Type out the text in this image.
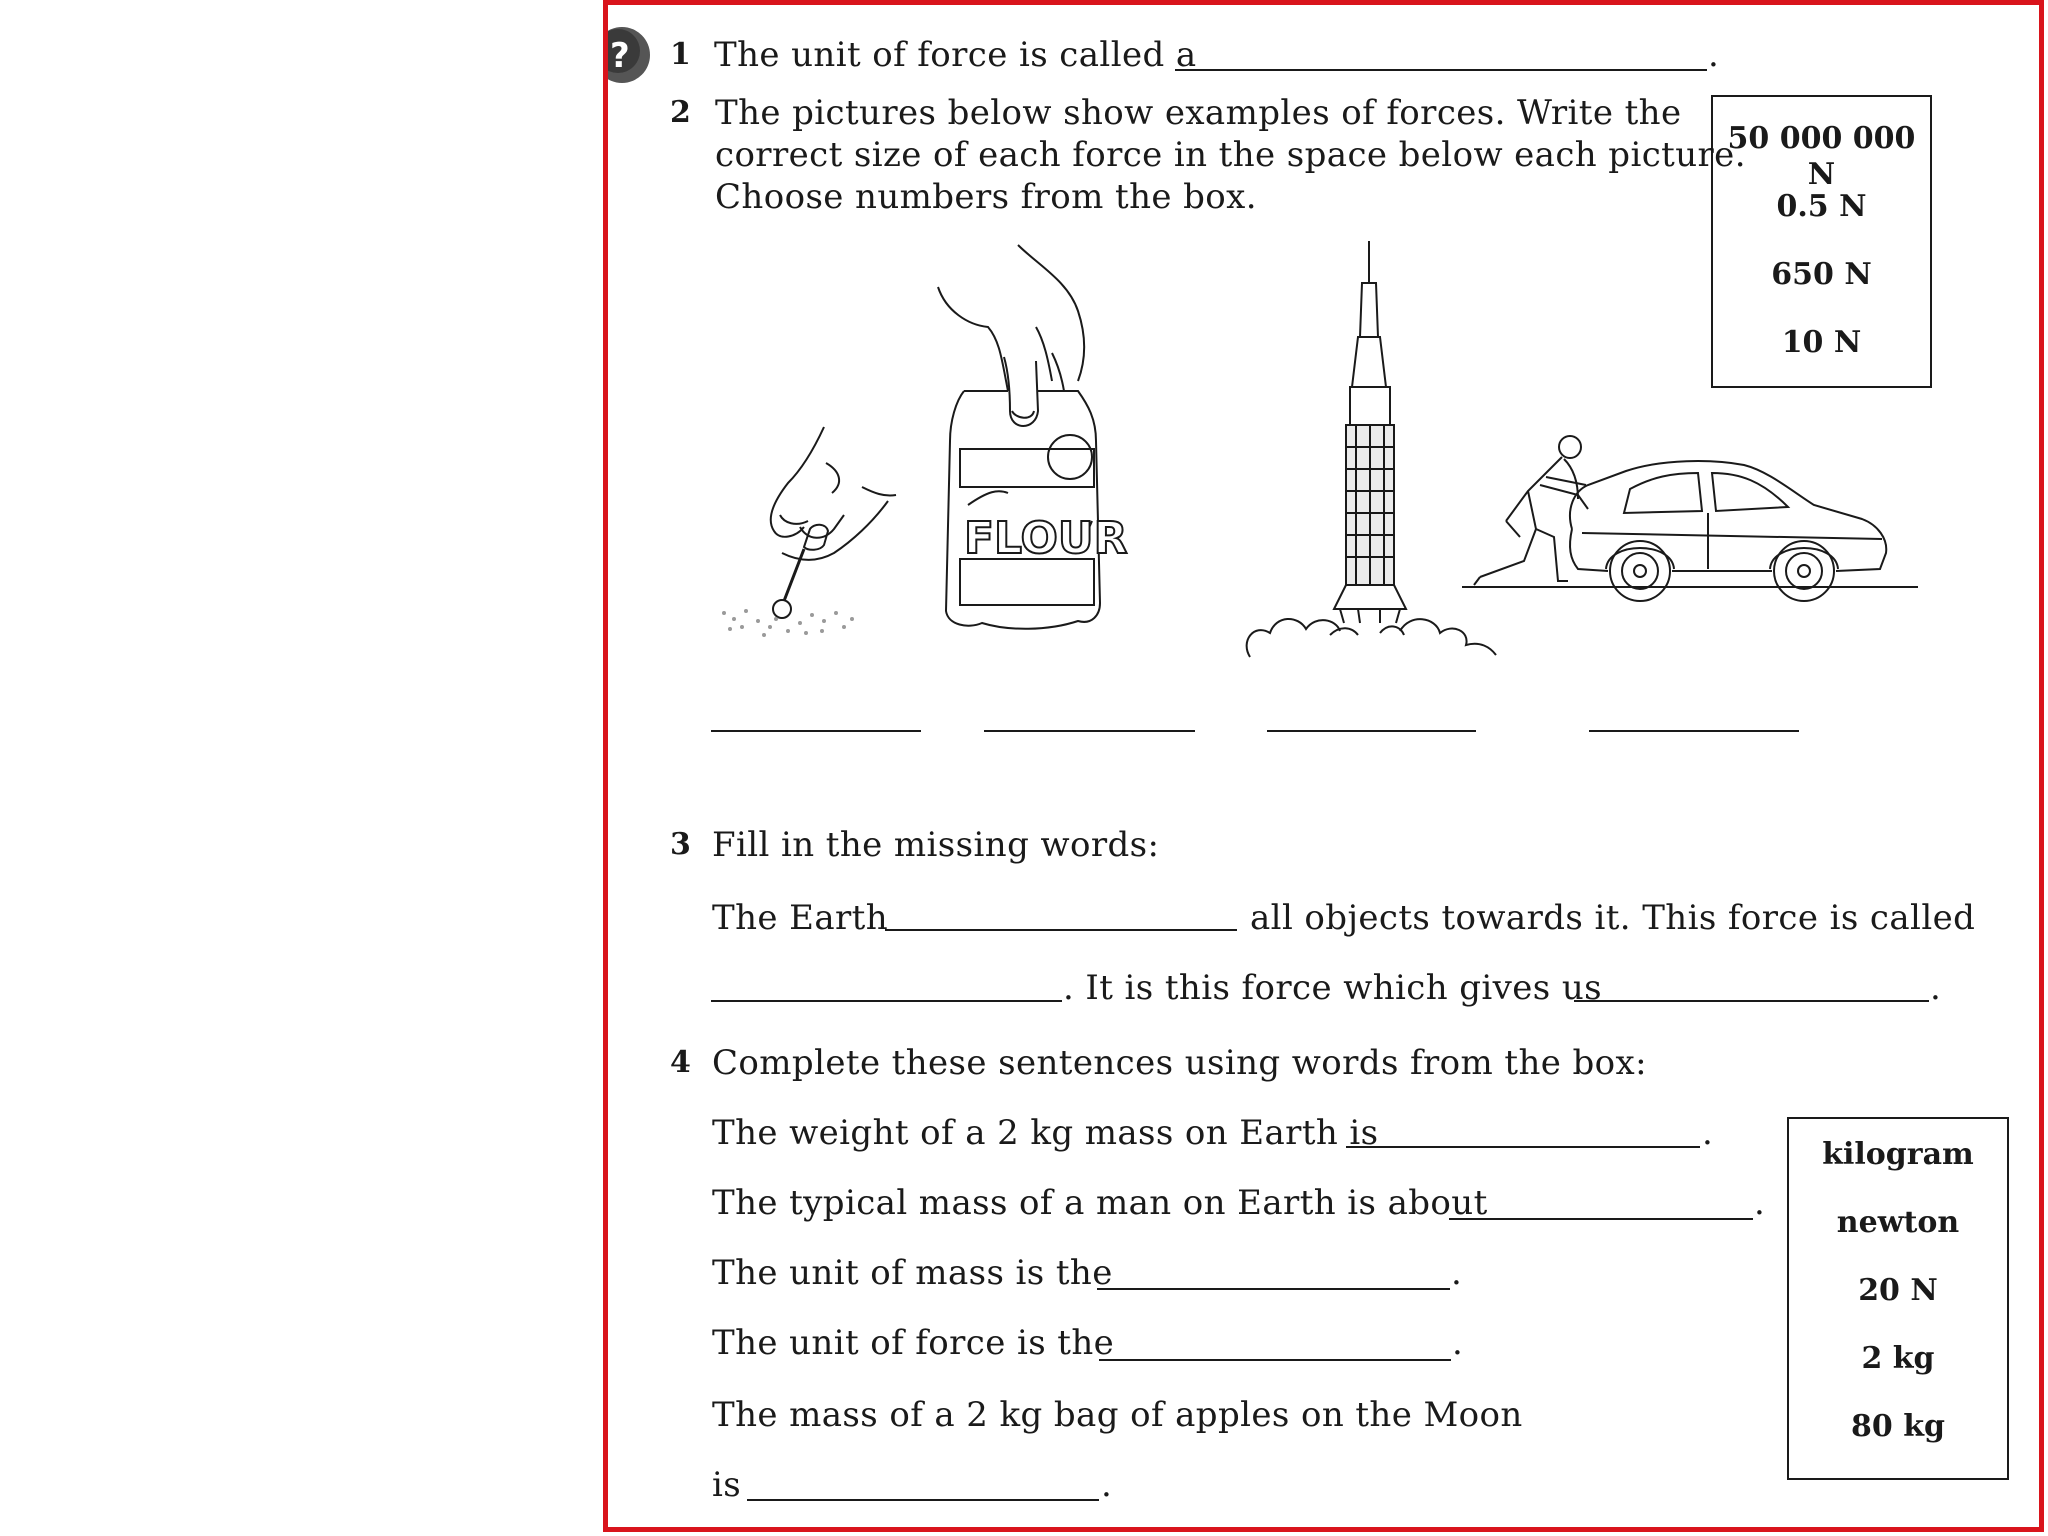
? 1 The unit of force is called a	.
2 The pictures below show examples of forces. Write the
correct size of each force in the space below each picture.
Choose numbers from the box.
50 000 000 N
0.5 N
650 N
10 N
FLOUR
3 Fill in the missing words:
The Earth	all objects towards it. This force is called
. It is this force which gives us	.
4 Complete these sentences using words from the box:
The weight of a 2 kg mass on Earth is	.
The typical mass of a man on Earth is about	.
The unit of mass is the	.
The unit of force is the	.
The mass of a 2 kg bag of apples on the Moon
is	.
kilogram
newton
20 N
2 kg
80 kg
